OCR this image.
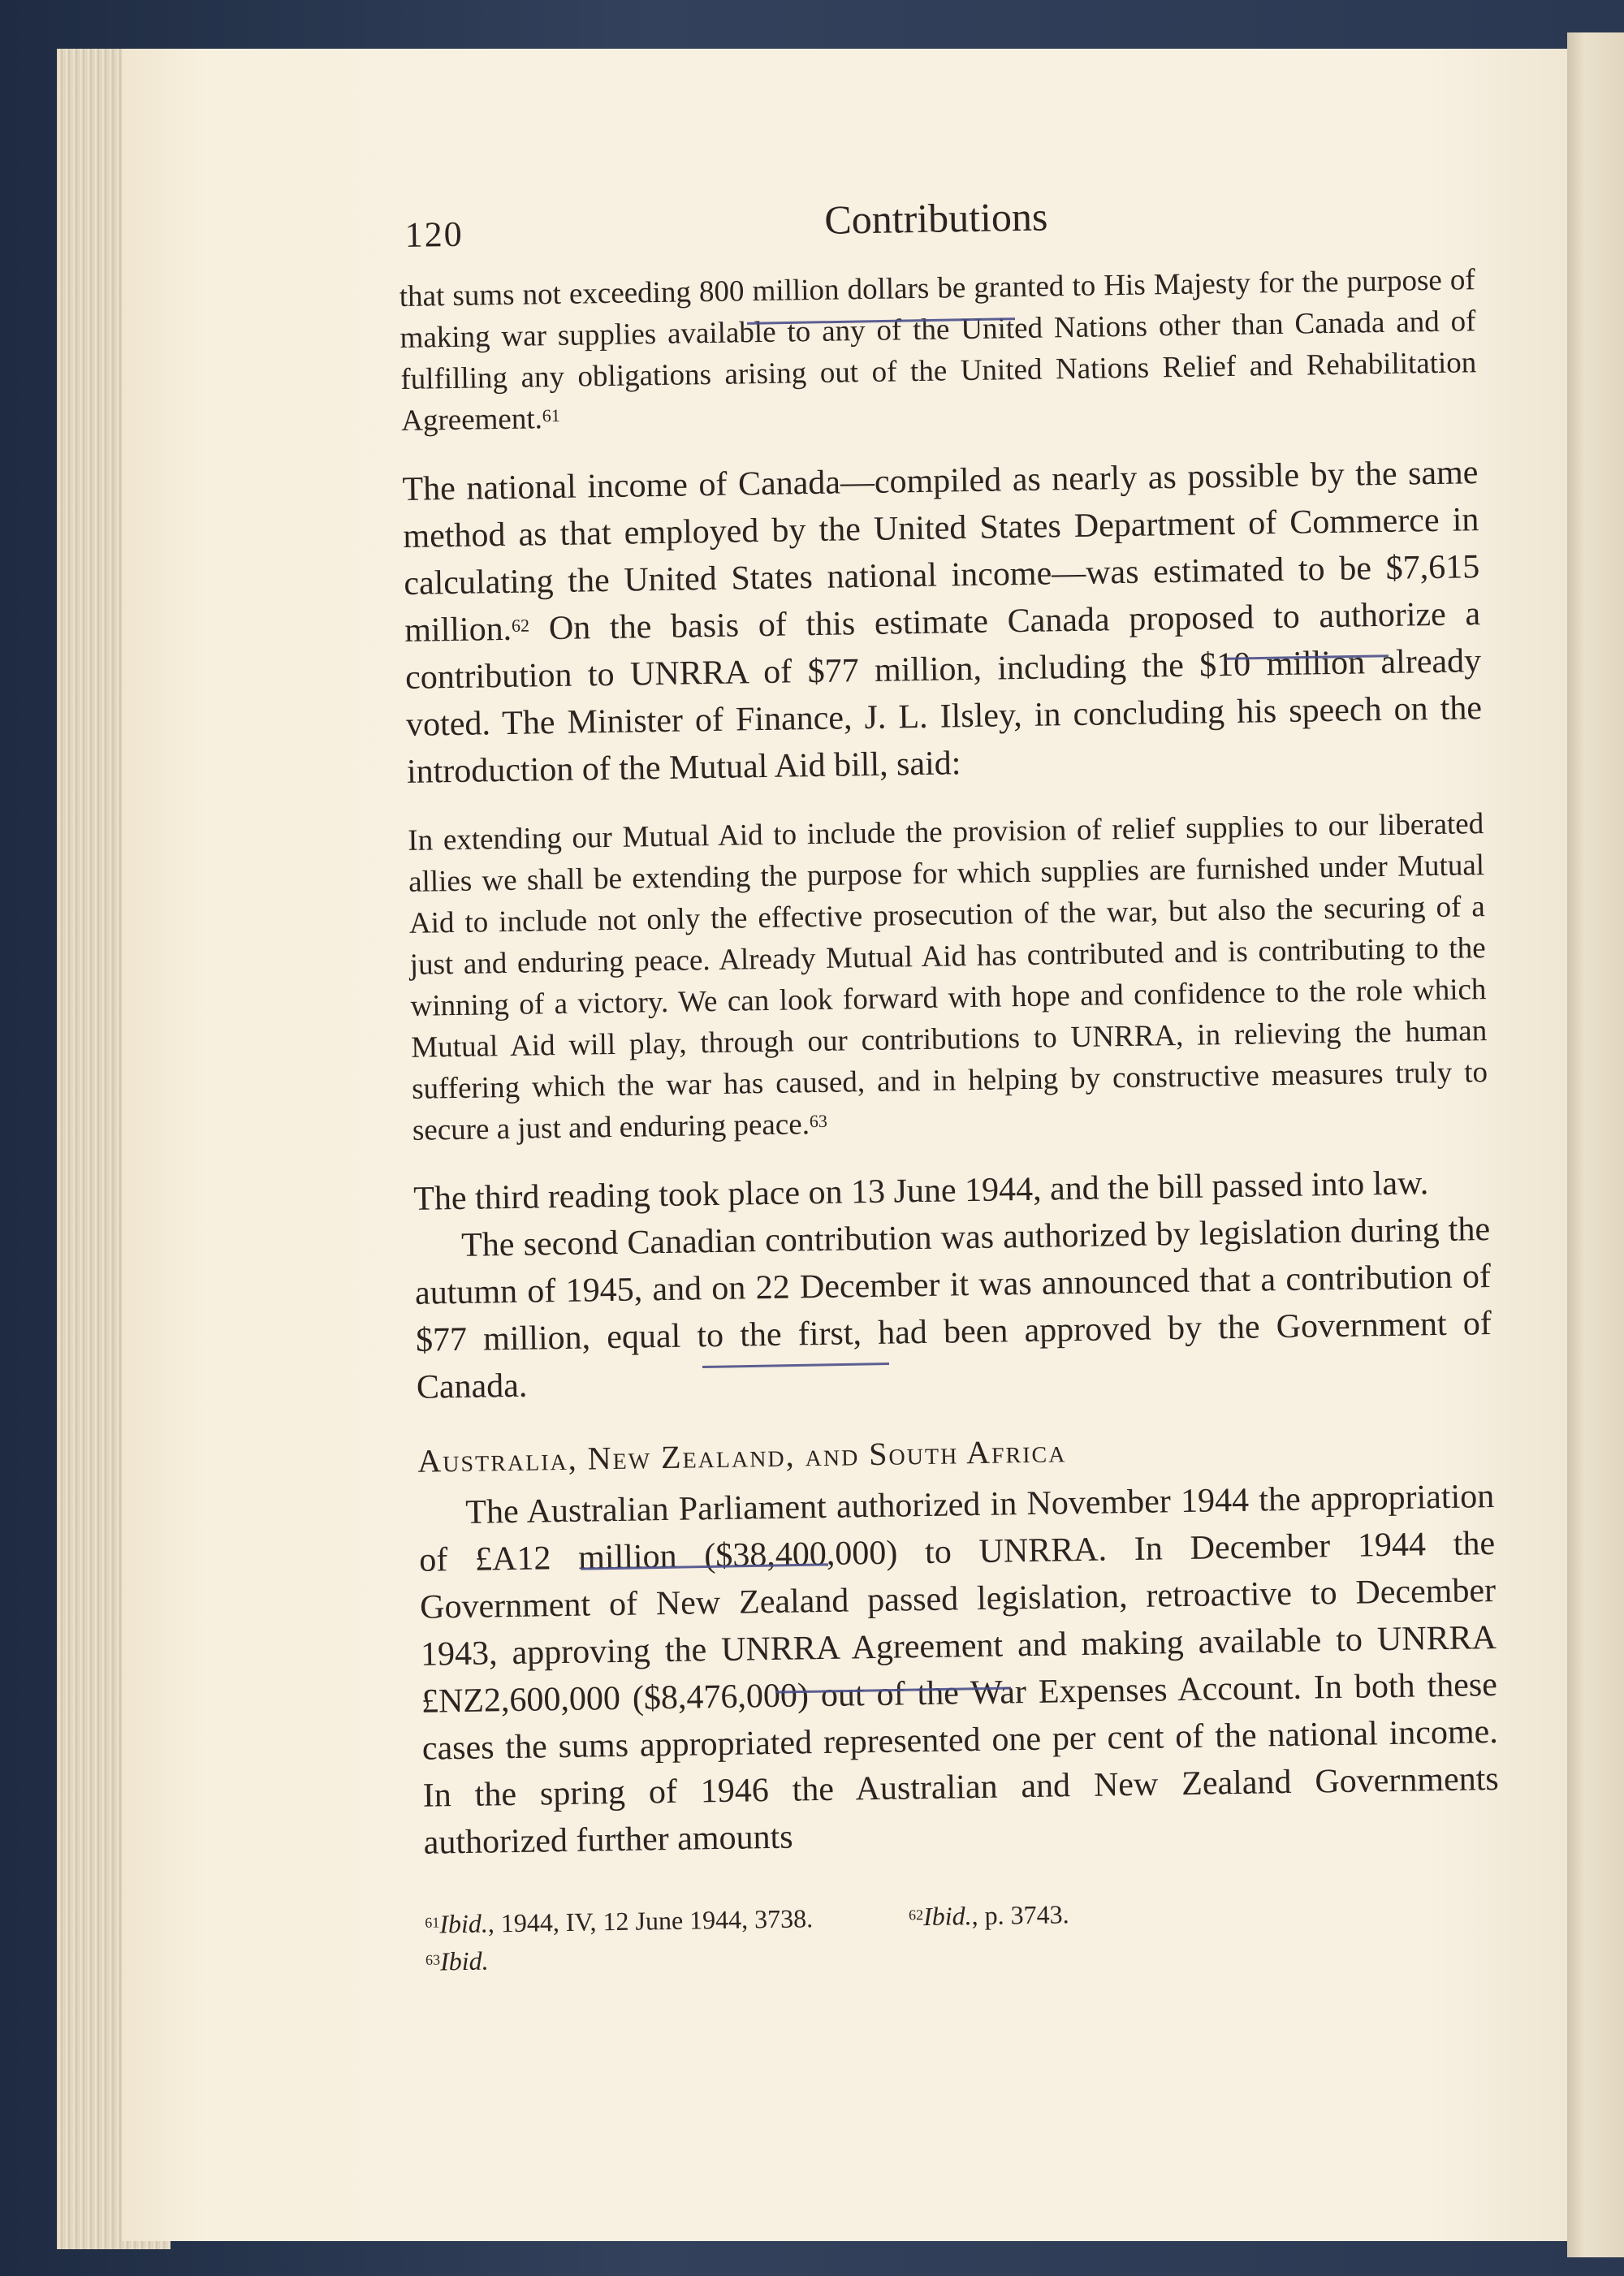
120	Contributions

that sums not exceeding 800 million dollars be granted to His Majesty for the purpose of making war supplies available to any of the United Nations other than Canada and of fulfilling any obligations arising out of the United Nations Relief and Rehabilitation Agreement.$^{61}$

The national income of Canada—compiled as nearly as possible by the same method as that employed by the United States Department of Commerce in calculating the United States national income—was estimated to be $7,615 million.$^{62}$ On the basis of this estimate Canada proposed to authorize a contribution to UNRRA of $77 million, including the $10 million already voted. The Minister of Finance, J. L. Ilsley, in concluding his speech on the introduction of the Mutual Aid bill, said:

In extending our Mutual Aid to include the provision of relief supplies to our liberated allies we shall be extending the purpose for which supplies are furnished under Mutual Aid to include not only the effective prosecution of the war, but also the securing of a just and enduring peace. Already Mutual Aid has contributed and is contributing to the winning of a victory. We can look forward with hope and confidence to the role which Mutual Aid will play, through our contributions to UNRRA, in relieving the human suffering which the war has caused, and in helping by constructive measures truly to secure a just and enduring peace.$^{63}$

The third reading took place on 13 June 1944, and the bill passed into law.

The second Canadian contribution was authorized by legislation during the autumn of 1945, and on 22 December it was announced that a contribution of $77 million, equal to the first, had been approved by the Government of Canada.

Australia, New Zealand, and South Africa

The Australian Parliament authorized in November 1944 the appropriation of £A12 million ($38,400,000) to UNRRA. In December 1944 the Government of New Zealand passed legislation, retroactive to December 1943, approving the UNRRA Agreement and making available to UNRRA £NZ2,600,000 ($8,476,000) out of the War Expenses Account. In both these cases the sums appropriated represented one per cent of the national income. In the spring of 1946 the Australian and New Zealand Governments authorized further amounts

$^{61}$Ibid., 1944, IV, 12 June 1944, 3738.	$^{62}$Ibid., p. 3743.
$^{63}$Ibid.
